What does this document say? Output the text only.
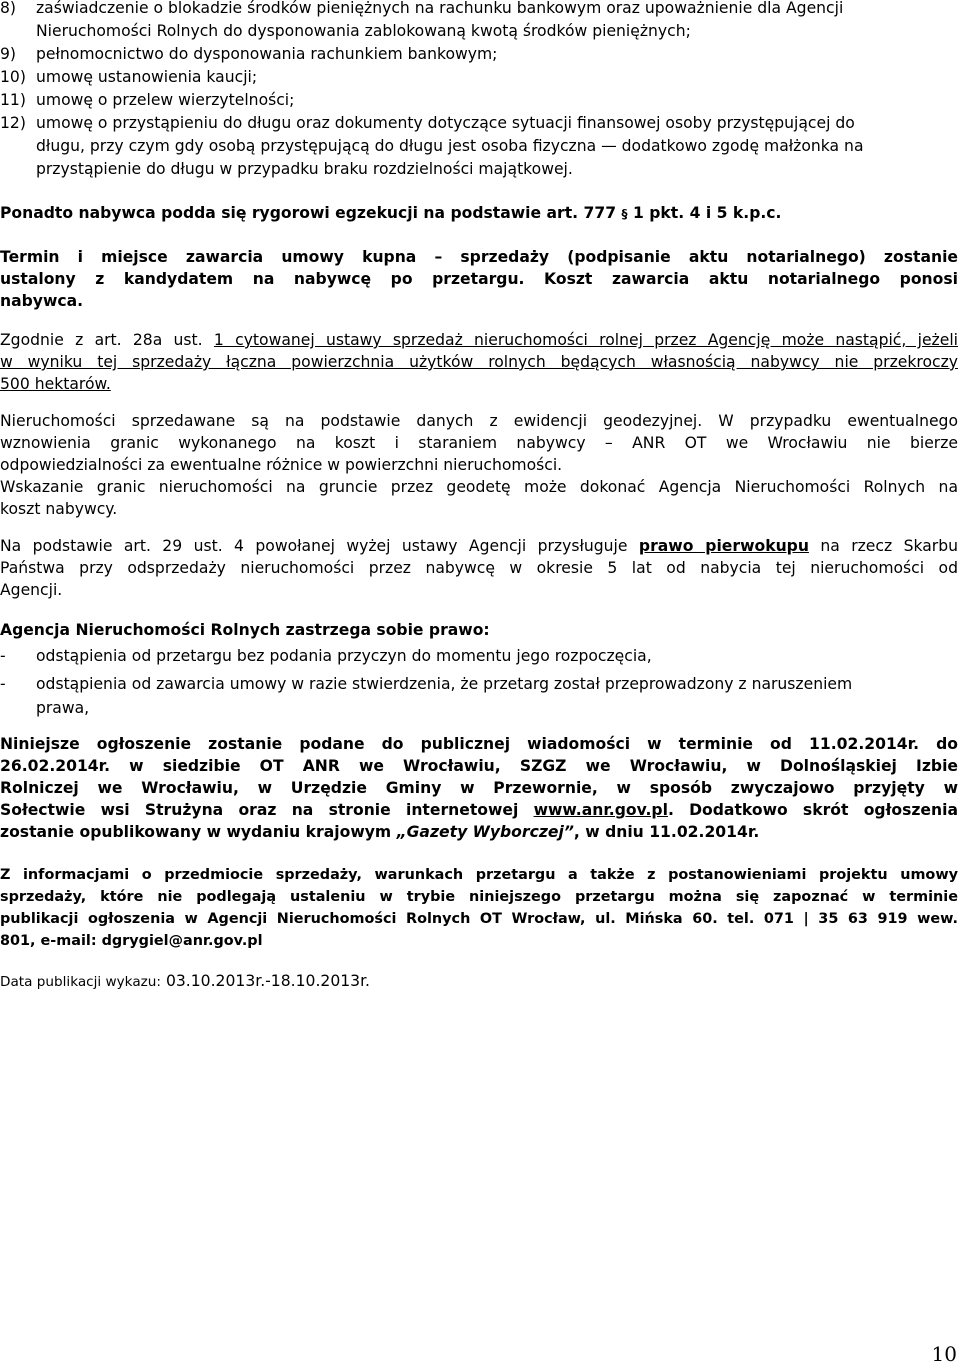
8) zaświadczenie o blokadzie środków pieniężnych na rachunku bankowym oraz upoważnienie dla Agencji
Nieruchomości Rolnych do dysponowania zablokowaną kwotą środków pieniężnych;
9) pełnomocnictwo do dysponowania rachunkiem bankowym;
10) umowę ustanowienia kaucji;
11) umowę o przelew wierzytelności;
12) umowę o przystąpieniu do długu oraz dokumenty dotyczące sytuacji finansowej osoby przystępującej do
długu, przy czym gdy osobą przystępującą do długu jest osoba fizyczna — dodatkowo zgodę małżonka na
przystąpienie do długu w przypadku braku rozdzielności majątkowej.
Ponadto nabywca podda się rygorowi egzekucji na podstawie art. 777 § 1 pkt. 4 i 5 k.p.c.
Termin i miejsce zawarcia umowy kupna – sprzedaży (podpisanie aktu notarialnego) zostanie
ustalony z kandydatem na nabywcę po przetargu. Koszt zawarcia aktu notarialnego ponosi
nabywca.
Zgodnie z art. 28a ust. 1 cytowanej ustawy sprzedaż nieruchomości rolnej przez Agencję może nastąpić, jeżeli
w wyniku tej sprzedaży łączna powierzchnia użytków rolnych będących własnością nabywcy nie przekroczy
500 hektarów.
Nieruchomości sprzedawane są na podstawie danych z ewidencji geodezyjnej. W przypadku ewentualnego
wznowienia granic wykonanego na koszt i staraniem nabywcy – ANR OT we Wrocławiu nie bierze
odpowiedzialności za ewentualne różnice w powierzchni nieruchomości.
Wskazanie granic nieruchomości na gruncie przez geodetę może dokonać Agencja Nieruchomości Rolnych na
koszt nabywcy.
Na podstawie art. 29 ust. 4 powołanej wyżej ustawy Agencji przysługuje prawo pierwokupu na rzecz Skarbu
Państwa przy odsprzedaży nieruchomości przez nabywcę w okresie 5 lat od nabycia tej nieruchomości od
Agencji.
Agencja Nieruchomości Rolnych zastrzega sobie prawo:
- odstąpienia od przetargu bez podania przyczyn do momentu jego rozpoczęcia,
- odstąpienia od zawarcia umowy w razie stwierdzenia, że przetarg został przeprowadzony z naruszeniem
prawa,
Niniejsze ogłoszenie zostanie podane do publicznej wiadomości w terminie od 11.02.2014r. do
26.02.2014r. w siedzibie OT ANR we Wrocławiu, SZGZ we Wrocławiu, w Dolnośląskiej Izbie
Rolniczej we Wrocławiu, w Urzędzie Gminy w Przewornie, w sposób zwyczajowo przyjęty w
Sołectwie wsi Strużyna oraz na stronie internetowej www.anr.gov.pl. Dodatkowo skrót ogłoszenia
zostanie opublikowany w wydaniu krajowym „Gazety Wyborczej”, w dniu 11.02.2014r.
Z informacjami o przedmiocie sprzedaży, warunkach przetargu a także z postanowieniami projektu umowy
sprzedaży, które nie podlegają ustaleniu w trybie niniejszego przetargu można się zapoznać w terminie
publikacji ogłoszenia w Agencji Nieruchomości Rolnych OT Wrocław, ul. Mińska 60. tel. 071 | 35 63 919 wew.
801, e-mail: dgrygiel@anr.gov.pl
Data publikacji wykazu: 03.10.2013r.-18.10.2013r.
10
